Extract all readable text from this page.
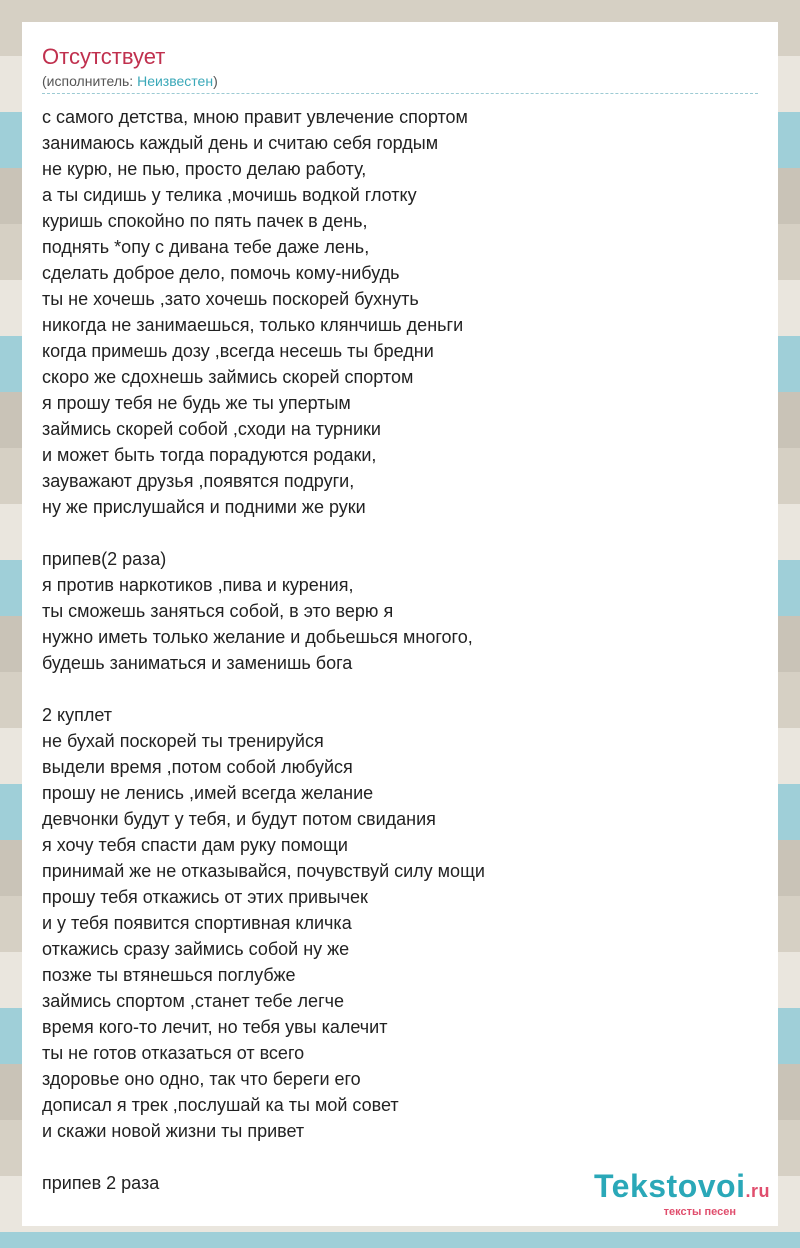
Отсутствует
(исполнитель: Неизвестен)
с самого детства, мною правит увлечение спортом
занимаюсь каждый день и считаю себя гордым
не курю, не пью, просто делаю работу,
а ты сидишь у телика ,мочишь водкой глотку
куришь спокойно по пять пачек в день,
поднять *опу с дивана тебе даже лень,
сделать доброе дело, помочь кому-нибудь
ты не хочешь ,зато хочешь поскорей бухнуть
никогда не занимаешься, только клянчишь деньги
когда примешь дозу ,всегда несешь ты бредни
скоро же сдохнешь займись скорей спортом
я прошу тебя не будь же ты упертым
займись скорей собой ,сходи на турники
и может быть тогда порадуются родаки,
зауважают друзья ,появятся подруги,
ну же прислушайся и подними же руки

припев(2 раза)
я против наркотиков ,пива и курения,
ты сможешь заняться собой, в это верю я
нужно иметь только желание и добьешься многого,
будешь заниматься и заменишь бога

2 куплет
не бухай поскорей ты тренируйся
выдели время ,потом собой любуйся
прошу не ленись ,имей всегда желание
девчонки будут у тебя, и будут потом свидания
я хочу тебя спасти дам руку помощи
принимай же не отказывайся, почувствуй силу мощи
прошу тебя откажись от этих привычек
и у тебя появится спортивная кличка
откажись сразу займись собой ну же
позже ты втянешься поглубже
займись спортом ,станет тебе легче
время кого-то лечит, но тебя увы калечит
ты не готов отказаться от всего
здоровье оно одно, так что береги его
дописал я трек ,послушай ка ты мой совет
и скажи новой жизни ты привет

припев 2 раза	Tekstovoi.ru
тексты песен
